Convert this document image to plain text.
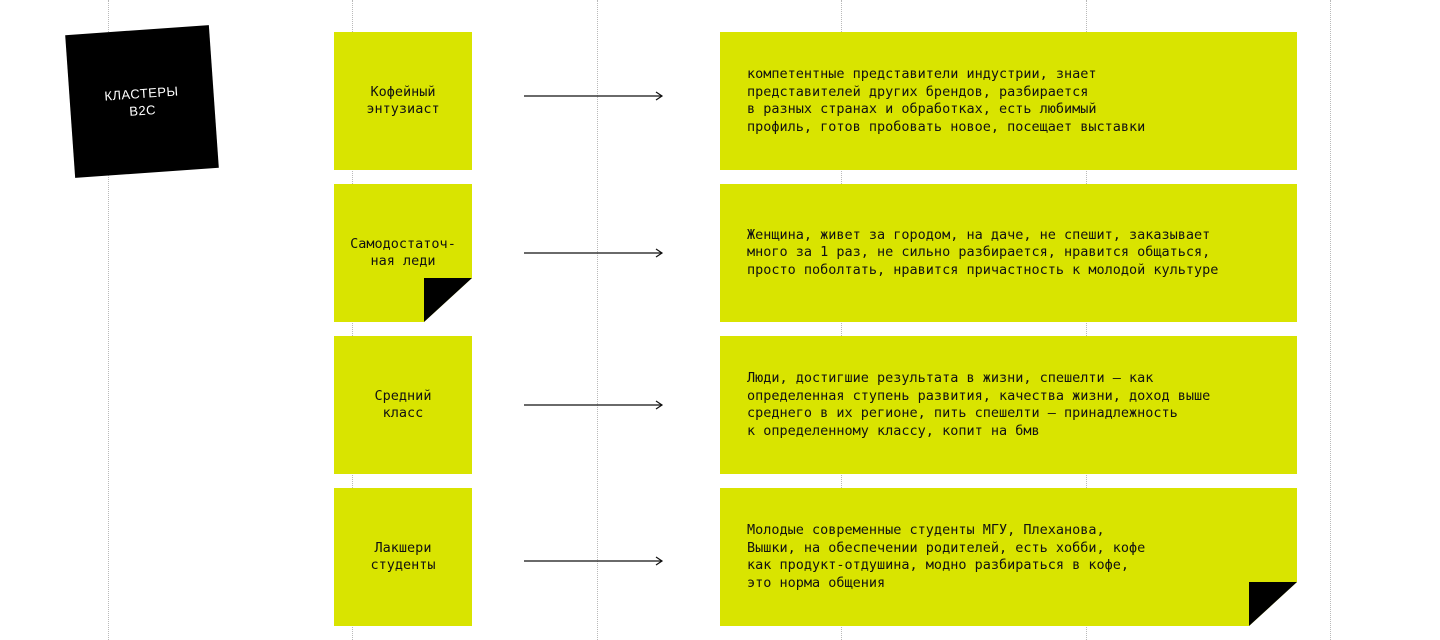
КЛАСТЕРЫ
B2C
Кофейный
энтузиаст
компетентные представители индустрии, знает
представителей других брендов, разбирается
в разных странах и обработках, есть любимый
профиль, готов пробовать новое, посещает выставки
Самодостаточ-
ная леди
Женщина, живет за городом, на даче, не спешит, заказывает
много за 1 раз, не сильно разбирается, нравится общаться,
просто поболтать, нравится причастность к молодой культуре
Средний
класс
Люди, достигшие результата в жизни, спешелти — как
определенная ступень развития, качества жизни, доход выше
среднего в их регионе, пить спешелти — принадлежность
к определенному классу, копит на бмв
Лакшери
студенты
Молодые современные студенты МГУ, Плеханова,
Вышки, на обеспечении родителей, есть хобби, кофе
как продукт-отдушина, модно разбираться в кофе,
это норма общения
